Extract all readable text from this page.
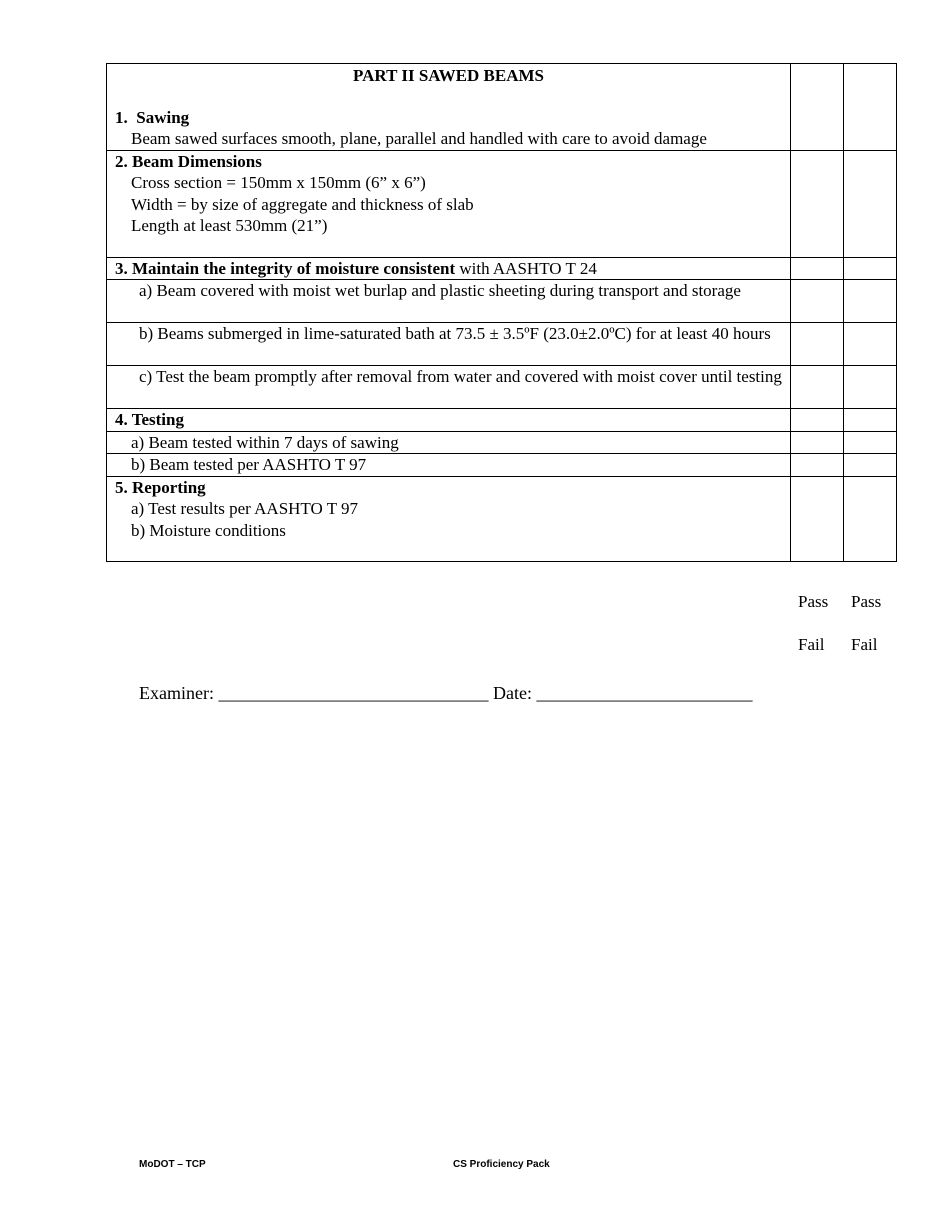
PART II SAWED BEAMS
1. Sawing
Beam sawed surfaces smooth, plane, parallel and handled with care to avoid damage		

2. Beam Dimensions
Cross section = 150mm x 150mm (6” x 6”)
Width = by size of aggregate and thickness of slab
Length at least 530mm (21”)		

3. Maintain the integrity of moisture consistent with AASHTO T 24		

a) Beam covered with moist wet burlap and plastic sheeting during transport and storage		

b) Beams submerged in lime-saturated bath at 73.5 ± 3.5ºF (23.0±2.0ºC) for at least 40 hours		

c) Test the beam promptly after removal from water and covered with moist cover until testing		

4. Testing		

a) Beam tested within 7 days of sawing		

b) Beam tested per AASHTO T 97		

5. Reporting
a) Test results per AASHTO T 97
b) Moisture conditions		

Pass Pass
Fail Fail
Examiner: ______________________________ Date: ________________________
MoDOT – TCP	CS Proficiency Pack
